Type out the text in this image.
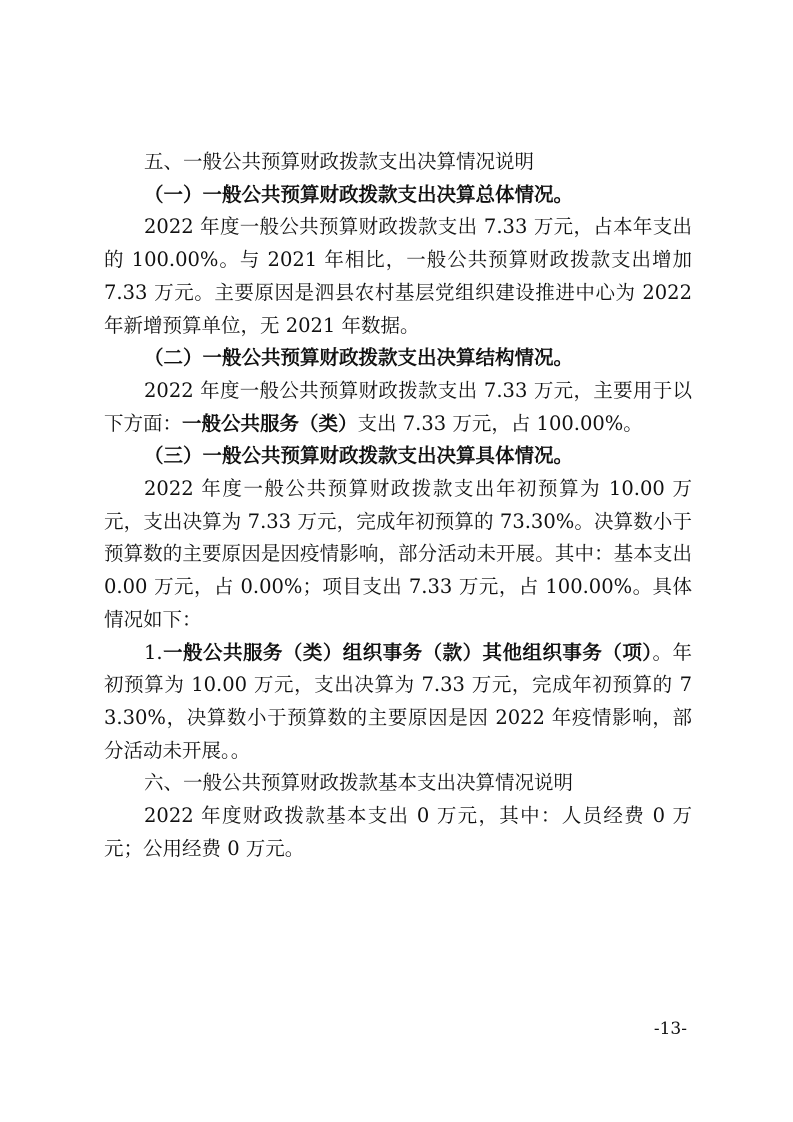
五、一般公共预算财政拨款支出决算情况说明

（一）一般公共预算财政拨款支出决算总体情况。

2022 年度一般公共预算财政拨款支出 7.33 万元，占本年支出的 100.00%。与 2021 年相比，一般公共预算财政拨款支出增加 7.33 万元。主要原因是泗县农村基层党组织建设推进中心为 2022 年新增预算单位，无 2021 年数据。

（二）一般公共预算财政拨款支出决算结构情况。

2022 年度一般公共预算财政拨款支出 7.33 万元，主要用于以下方面：一般公共服务（类）支出 7.33 万元，占 100.00%。

（三）一般公共预算财政拨款支出决算具体情况。

2022 年度一般公共预算财政拨款支出年初预算为 10.00 万元，支出决算为 7.33 万元，完成年初预算的 73.30%。决算数小于预算数的主要原因是因疫情影响，部分活动未开展。其中：基本支出 0.00 万元，占 0.00%；项目支出 7.33 万元，占 100.00%。具体情况如下：

1.一般公共服务（类）组织事务（款）其他组织事务（项）。年初预算为 10.00 万元，支出决算为 7.33 万元，完成年初预算的 73.30%，决算数小于预算数的主要原因是因 2022 年疫情影响，部分活动未开展。。

六、一般公共预算财政拨款基本支出决算情况说明

2022 年度财政拨款基本支出 0 万元，其中：人员经费 0 万元；公用经费 0 万元。

-13-
